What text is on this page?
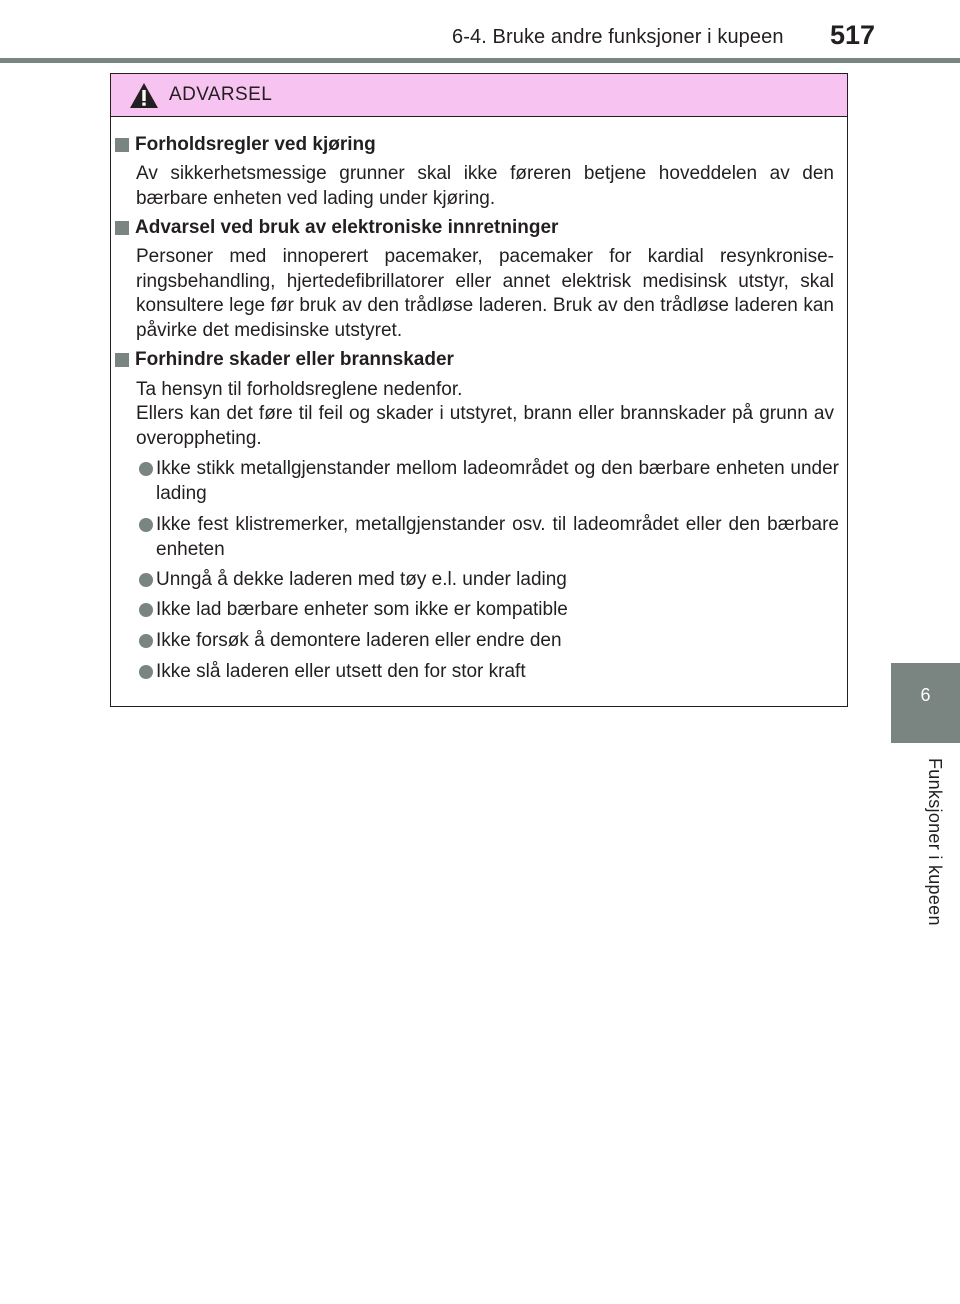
6-4. Bruke andre funksjoner i kupeen 517
6
Funksjoner i kupeen
ADVARSEL
Forholdsregler ved kjøring
Av sikkerhetsmessige grunner skal ikke føreren betjene hoveddelen av den bærbare enheten ved lading under kjøring.
Advarsel ved bruk av elektroniske innretninger
Personer med innoperert pacemaker, pacemaker for kardial resynkronise-ringsbehandling, hjertedefibrillatorer eller annet elektrisk medisinsk utstyr, skal konsultere lege før bruk av den trådløse laderen. Bruk av den trådløse laderen kan påvirke det medisinske utstyret.
Forhindre skader eller brannskader
Ta hensyn til forholdsreglene nedenfor.
Ellers kan det føre til feil og skader i utstyret, brann eller brannskader på grunn av overoppheting.
Ikke stikk metallgjenstander mellom ladeområdet og den bærbare enheten under lading
Ikke fest klistremerker, metallgjenstander osv. til ladeområdet eller den bærbare enheten
Unngå å dekke laderen med tøy e.l. under lading
Ikke lad bærbare enheter som ikke er kompatible
Ikke forsøk å demontere laderen eller endre den
Ikke slå laderen eller utsett den for stor kraft
